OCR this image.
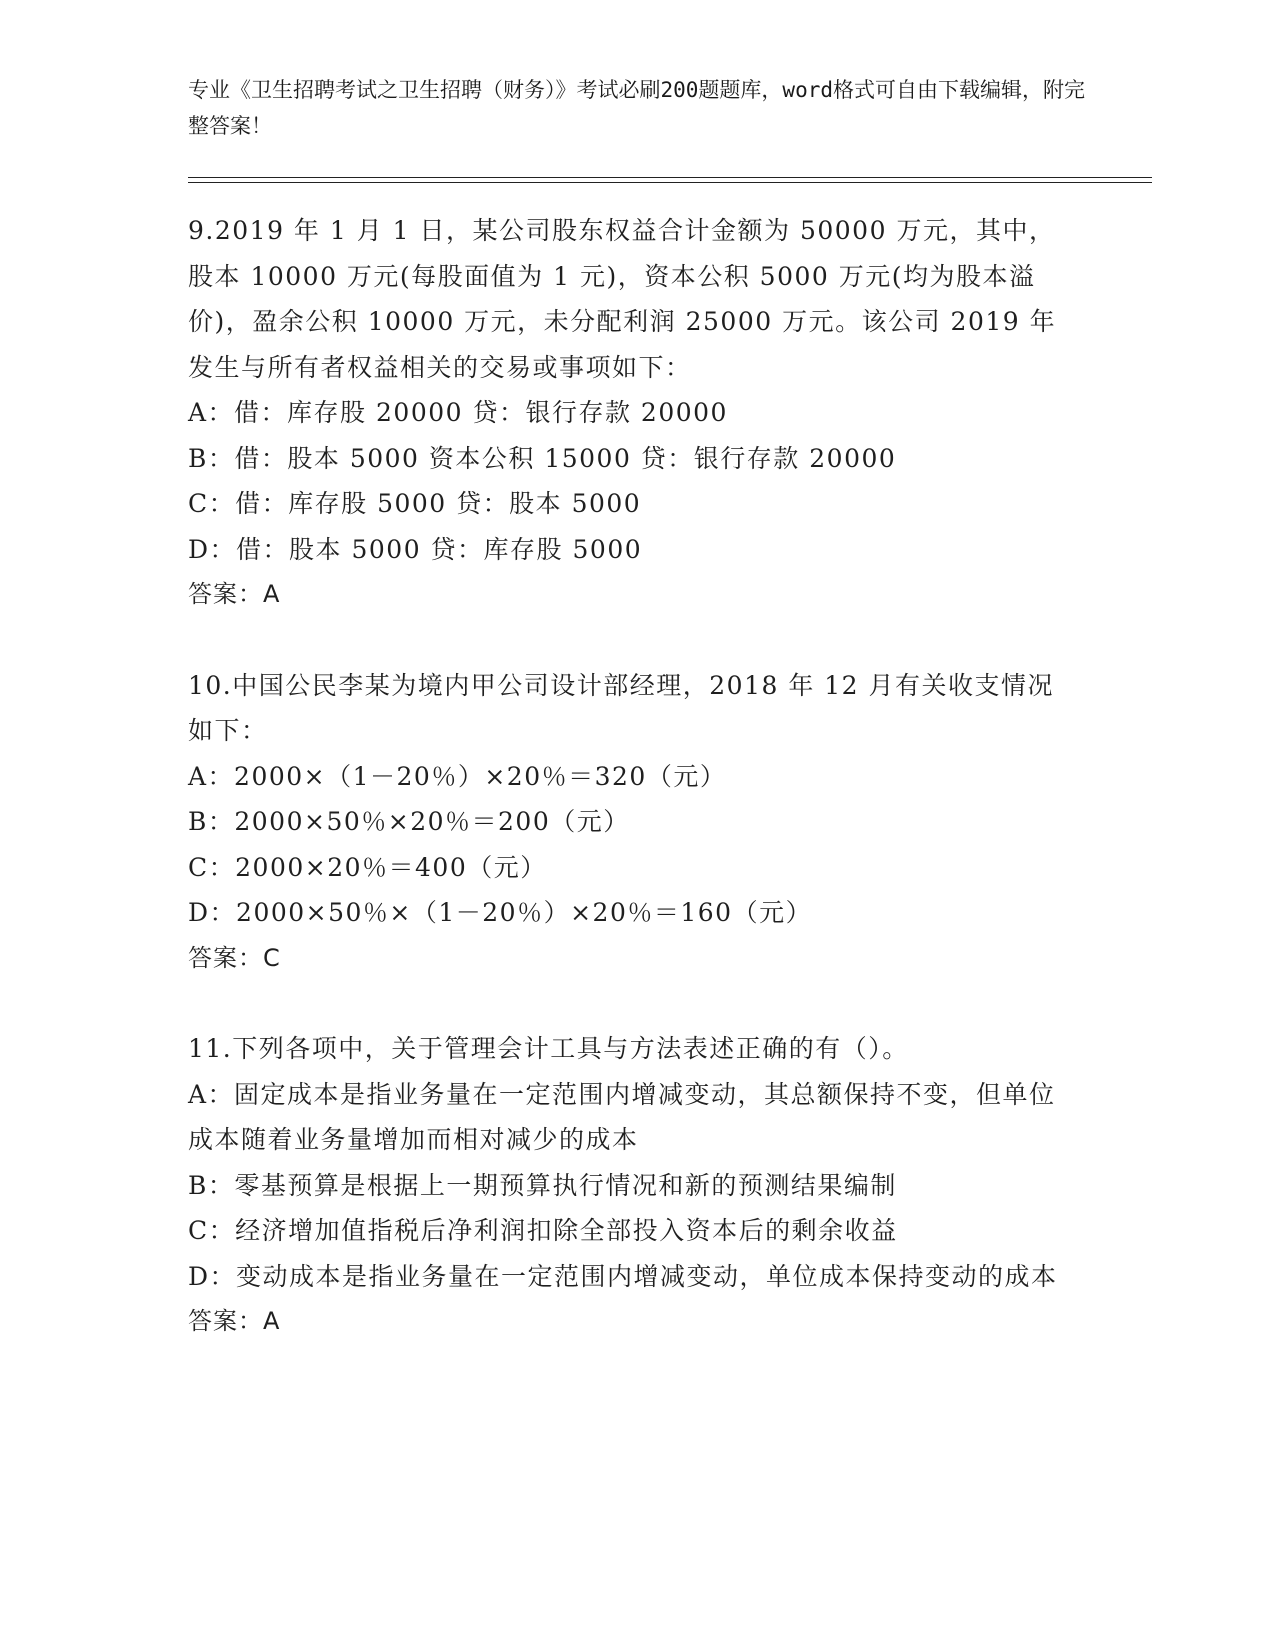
专业《卫生招聘考试之卫生招聘（财务）》考试必刷200题题库，word格式可自由下载编辑，附完整答案！

9.2019 年 1 月 1 日，某公司股东权益合计金额为 50000 万元，其中，股本 10000 万元(每股面值为 1 元)，资本公积 5000 万元(均为股本溢价)，盈余公积 10000 万元，未分配利润 25000 万元。该公司 2019 年发生与所有者权益相关的交易或事项如下：

A：借：库存股 20000 贷：银行存款 20000

B：借：股本 5000 资本公积 15000 贷：银行存款 20000

C：借：库存股 5000 贷：股本 5000

D：借：股本 5000 贷：库存股 5000

答案：A

10.中国公民李某为境内甲公司设计部经理，2018 年 12 月有关收支情况如下：

A：2000×（1－20％）×20％＝320（元）

B：2000×50％×20％＝200（元）

C：2000×20％＝400（元）

D：2000×50％×（1－20％）×20％＝160（元）

答案：C

11.下列各项中，关于管理会计工具与方法表述正确的有（）。

A：固定成本是指业务量在一定范围内增减变动，其总额保持不变，但单位成本随着业务量增加而相对减少的成本

B：零基预算是根据上一期预算执行情况和新的预测结果编制

C：经济增加值指税后净利润扣除全部投入资本后的剩余收益

D：变动成本是指业务量在一定范围内增减变动，单位成本保持变动的成本

答案：A
